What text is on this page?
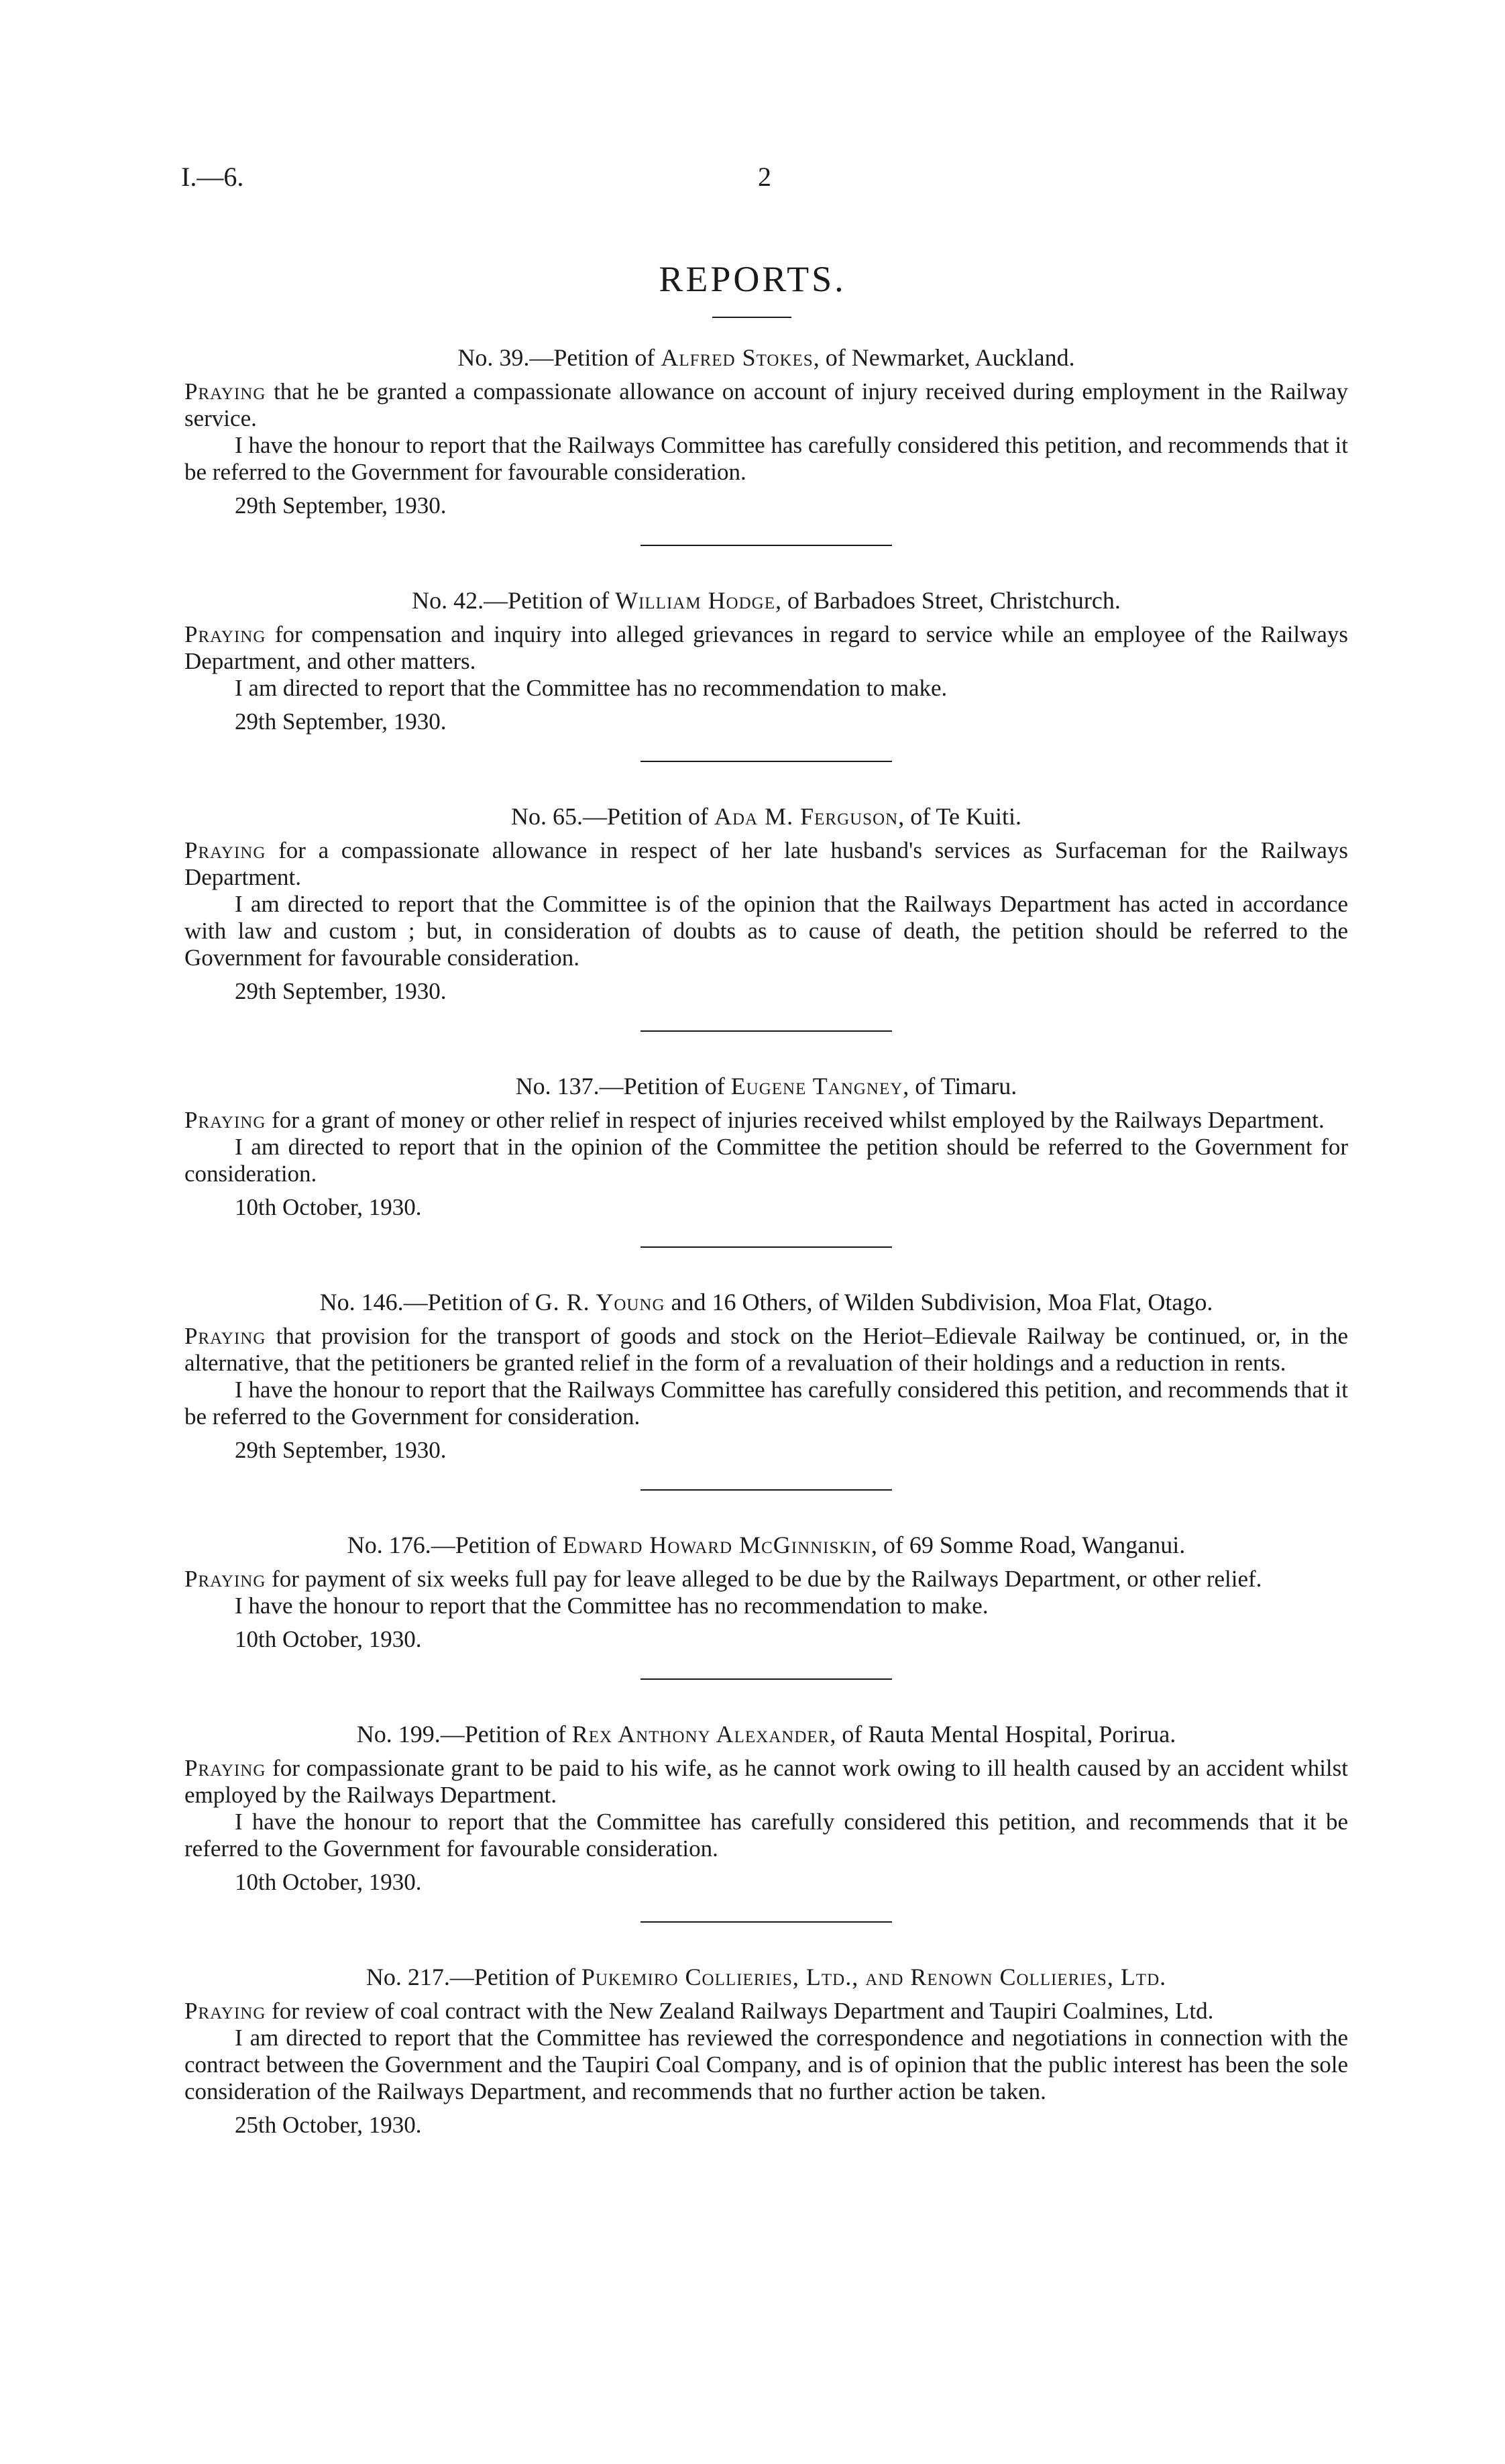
I.—6.	2
REPORTS.

No. 39.—Petition of Alfred Stokes, of Newmarket, Auckland.

Praying that he be granted a compassionate allowance on account of injury received during employment in the Railway service.

I have the honour to report that the Railways Committee has carefully considered this petition, and recommends that it be referred to the Government for favourable consideration.

29th September, 1930.

No. 42.—Petition of William Hodge, of Barbadoes Street, Christchurch.

Praying for compensation and inquiry into alleged grievances in regard to service while an employee of the Railways Department, and other matters.

I am directed to report that the Committee has no recommendation to make.

29th September, 1930.

No. 65.—Petition of Ada M. Ferguson, of Te Kuiti.

Praying for a compassionate allowance in respect of her late husband's services as Surfaceman for the Railways Department.

I am directed to report that the Committee is of the opinion that the Railways Department has acted in accordance with law and custom ; but, in consideration of doubts as to cause of death, the petition should be referred to the Government for favourable consideration.

29th September, 1930.

No. 137.—Petition of Eugene Tangney, of Timaru.

Praying for a grant of money or other relief in respect of injuries received whilst employed by the Railways Department.

I am directed to report that in the opinion of the Committee the petition should be referred to the Government for consideration.

10th October, 1930.

No. 146.—Petition of G. R. Young and 16 Others, of Wilden Subdivision, Moa Flat, Otago.

Praying that provision for the transport of goods and stock on the Heriot–Edievale Railway be continued, or, in the alternative, that the petitioners be granted relief in the form of a revaluation of their holdings and a reduction in rents.

I have the honour to report that the Railways Committee has carefully considered this petition, and recommends that it be referred to the Government for consideration.

29th September, 1930.

No. 176.—Petition of Edward Howard McGinniskin, of 69 Somme Road, Wanganui.

Praying for payment of six weeks full pay for leave alleged to be due by the Railways Department, or other relief.

I have the honour to report that the Committee has no recommendation to make.

10th October, 1930.

No. 199.—Petition of Rex Anthony Alexander, of Rauta Mental Hospital, Porirua.

Praying for compassionate grant to be paid to his wife, as he cannot work owing to ill health caused by an accident whilst employed by the Railways Department.

I have the honour to report that the Committee has carefully considered this petition, and recommends that it be referred to the Government for favourable consideration.

10th October, 1930.

No. 217.—Petition of Pukemiro Collieries, Ltd., and Renown Collieries, Ltd.

Praying for review of coal contract with the New Zealand Railways Department and Taupiri Coalmines, Ltd.

I am directed to report that the Committee has reviewed the correspondence and negotiations in connection with the contract between the Government and the Taupiri Coal Company, and is of opinion that the public interest has been the sole consideration of the Railways Department, and recommends that no further action be taken.

25th October, 1930.
